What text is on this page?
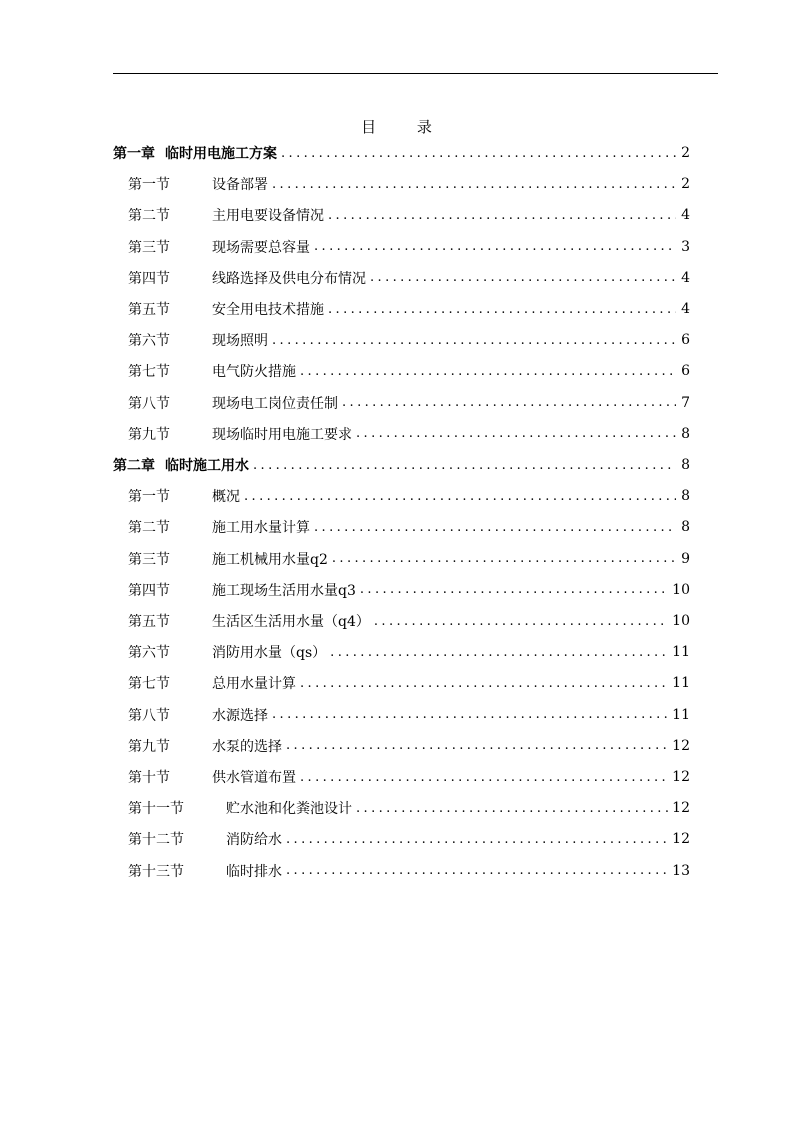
目 录
第一章 临时用电施工方案 .....	2
第一节	设备部署 .....	2
第二节	主用电要设备情况 .....	4
第三节	现场需要总容量 .....	3
第四节	线路选择及供电分布情况 .....	4
第五节	安全用电技术措施 .....	4
第六节	现场照明 .....	6
第七节	电气防火措施 .....	6
第八节	现场电工岗位责任制 .....	7
第九节	现场临时用电施工要求 .....	8
第二章 临时施工用水 .....	8
第一节	概况 .....	8
第二节	施工用水量计算 .....	8
第三节	施工机械用水量q2 .....	9
第四节	施工现场生活用水量q3 .....	10
第五节	生活区生活用水量（q4） .....	10
第六节	消防用水量（qs） .....	11
第七节	总用水量计算 .....	11
第八节	水源选择 .....	11
第九节	水泵的选择 .....	12
第十节	供水管道布置 .....	12
第十一节	贮水池和化粪池设计 .....	12
第十二节	消防给水 .....	12
第十三节	临时排水 .....	13
